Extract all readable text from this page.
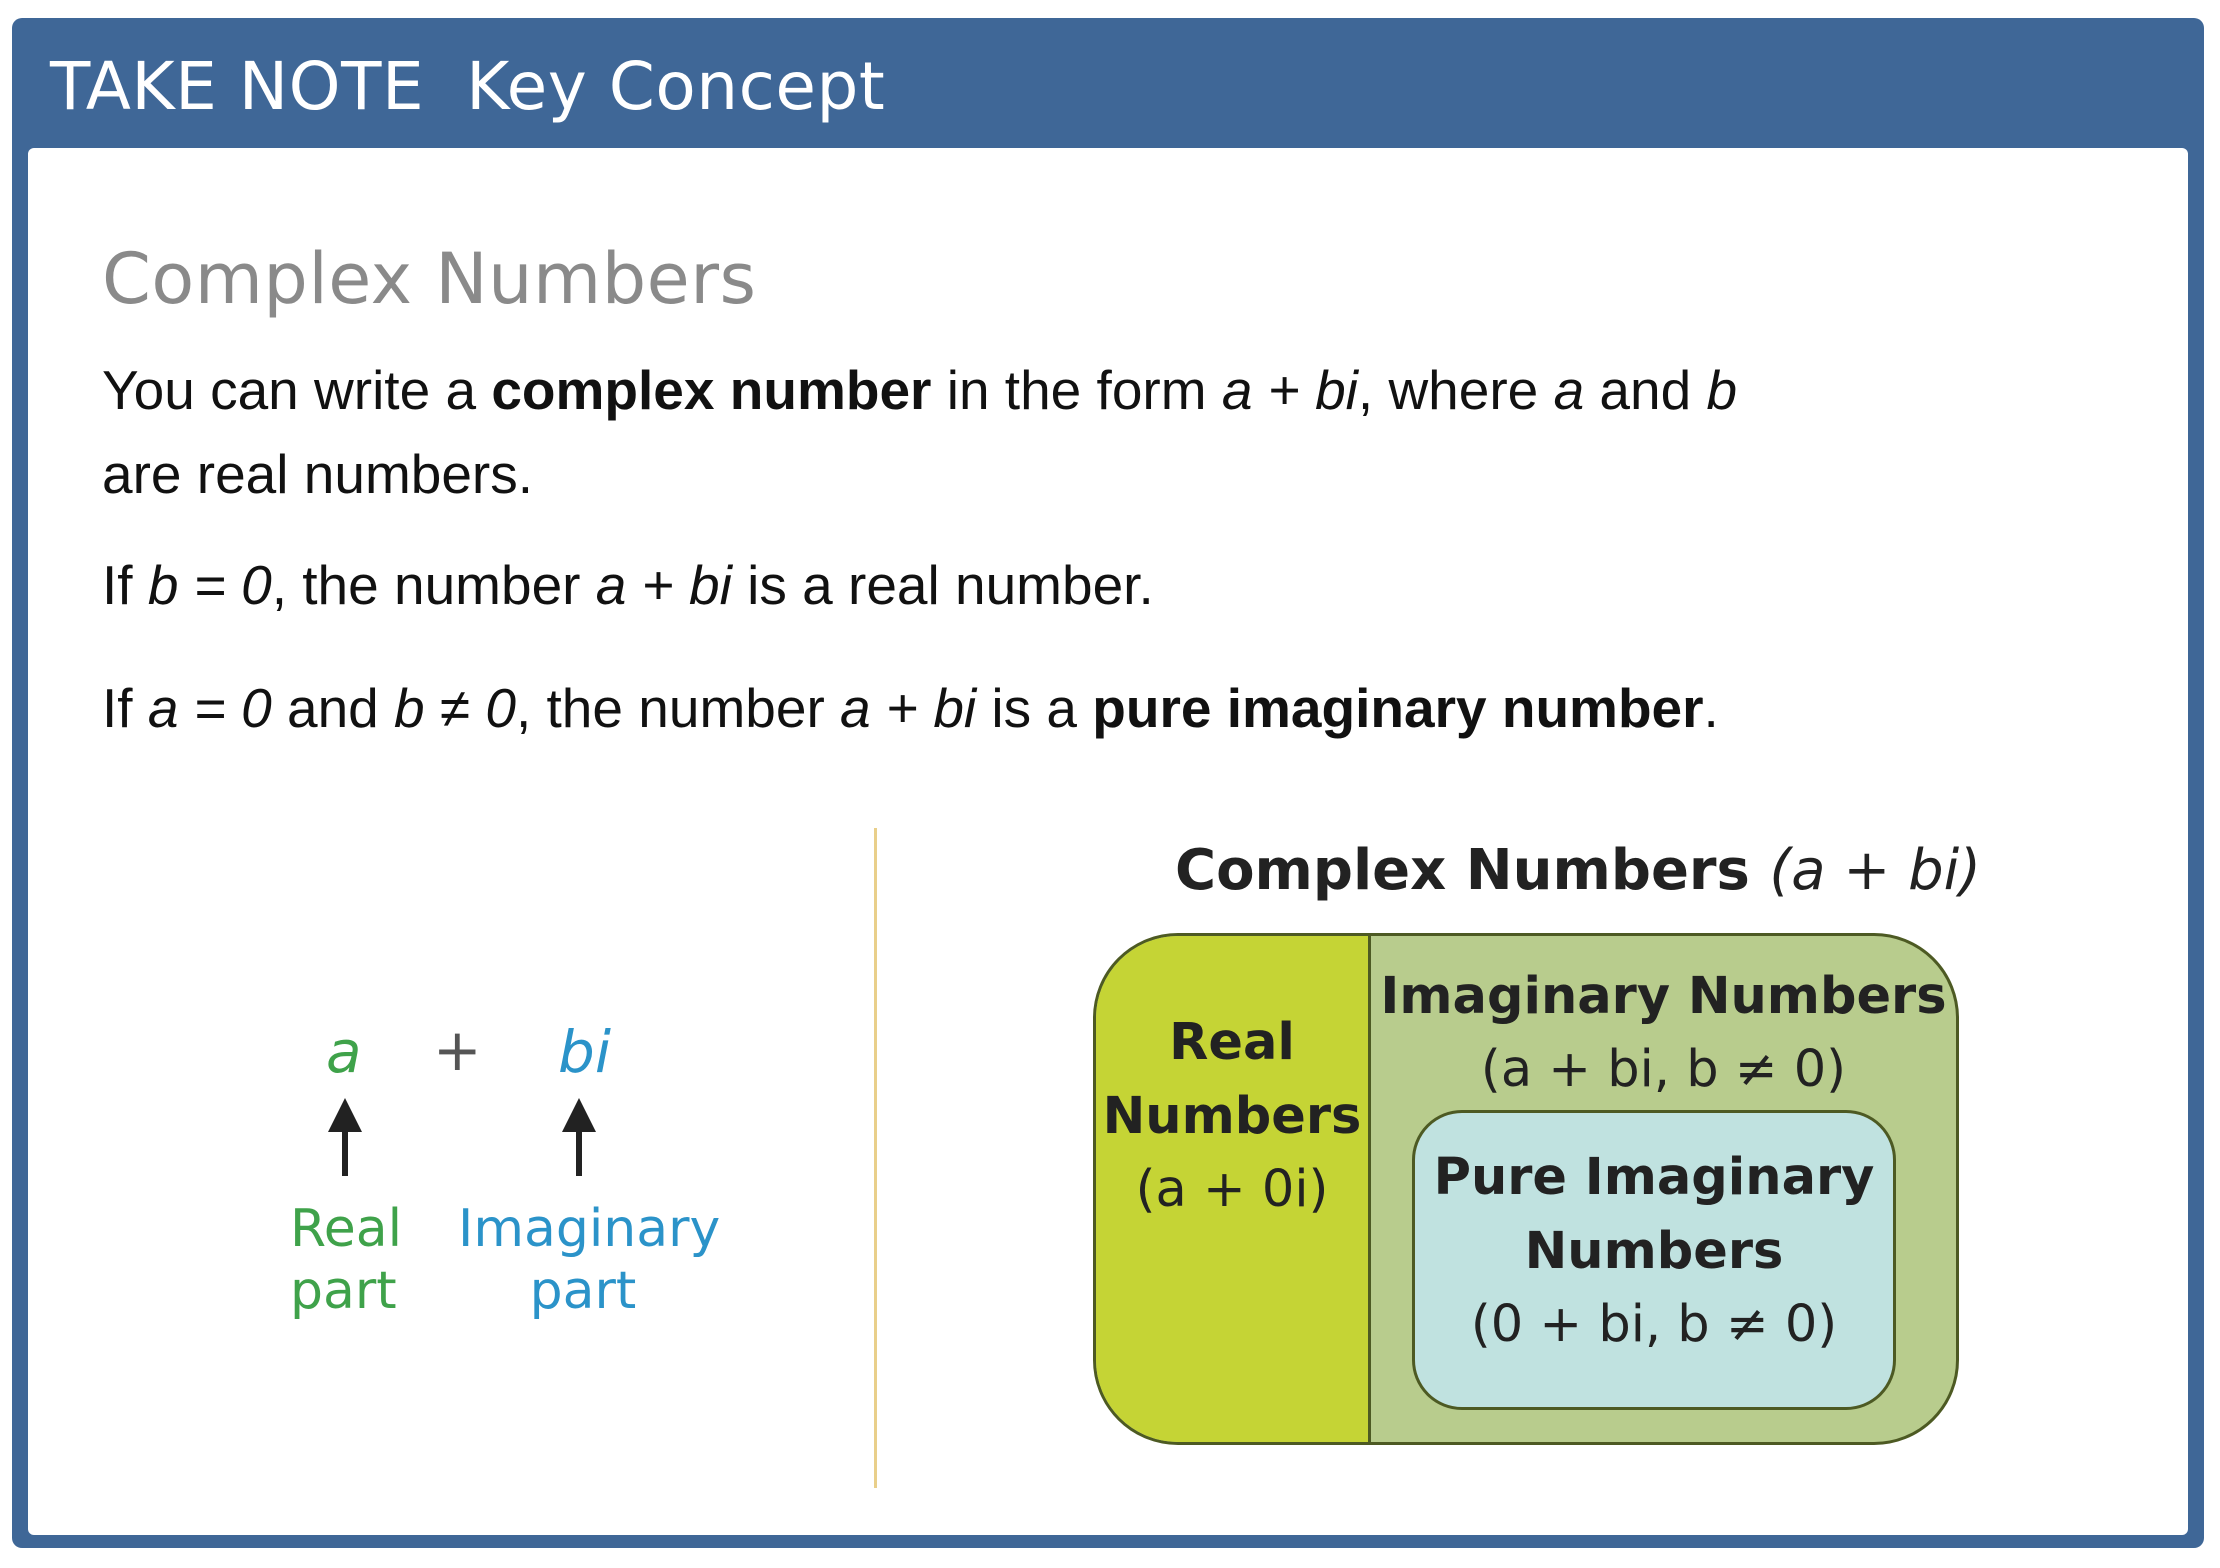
TAKE NOTE Key Concept
Complex Numbers
You can write a complex number in the form a + bi, where a and b
are real numbers.
If b = 0, the number a + bi is a real number.
If a = 0 and b ≠ 0, the number a + bi is a pure imaginary number.
a + bi
Real
part
Imaginary
part
Complex Numbers (a + bi)
Real
Numbers
(a + 0i)
Imaginary Numbers
(a + bi, b ≠ 0)
Pure Imaginary
Numbers
(0 + bi, b ≠ 0)
